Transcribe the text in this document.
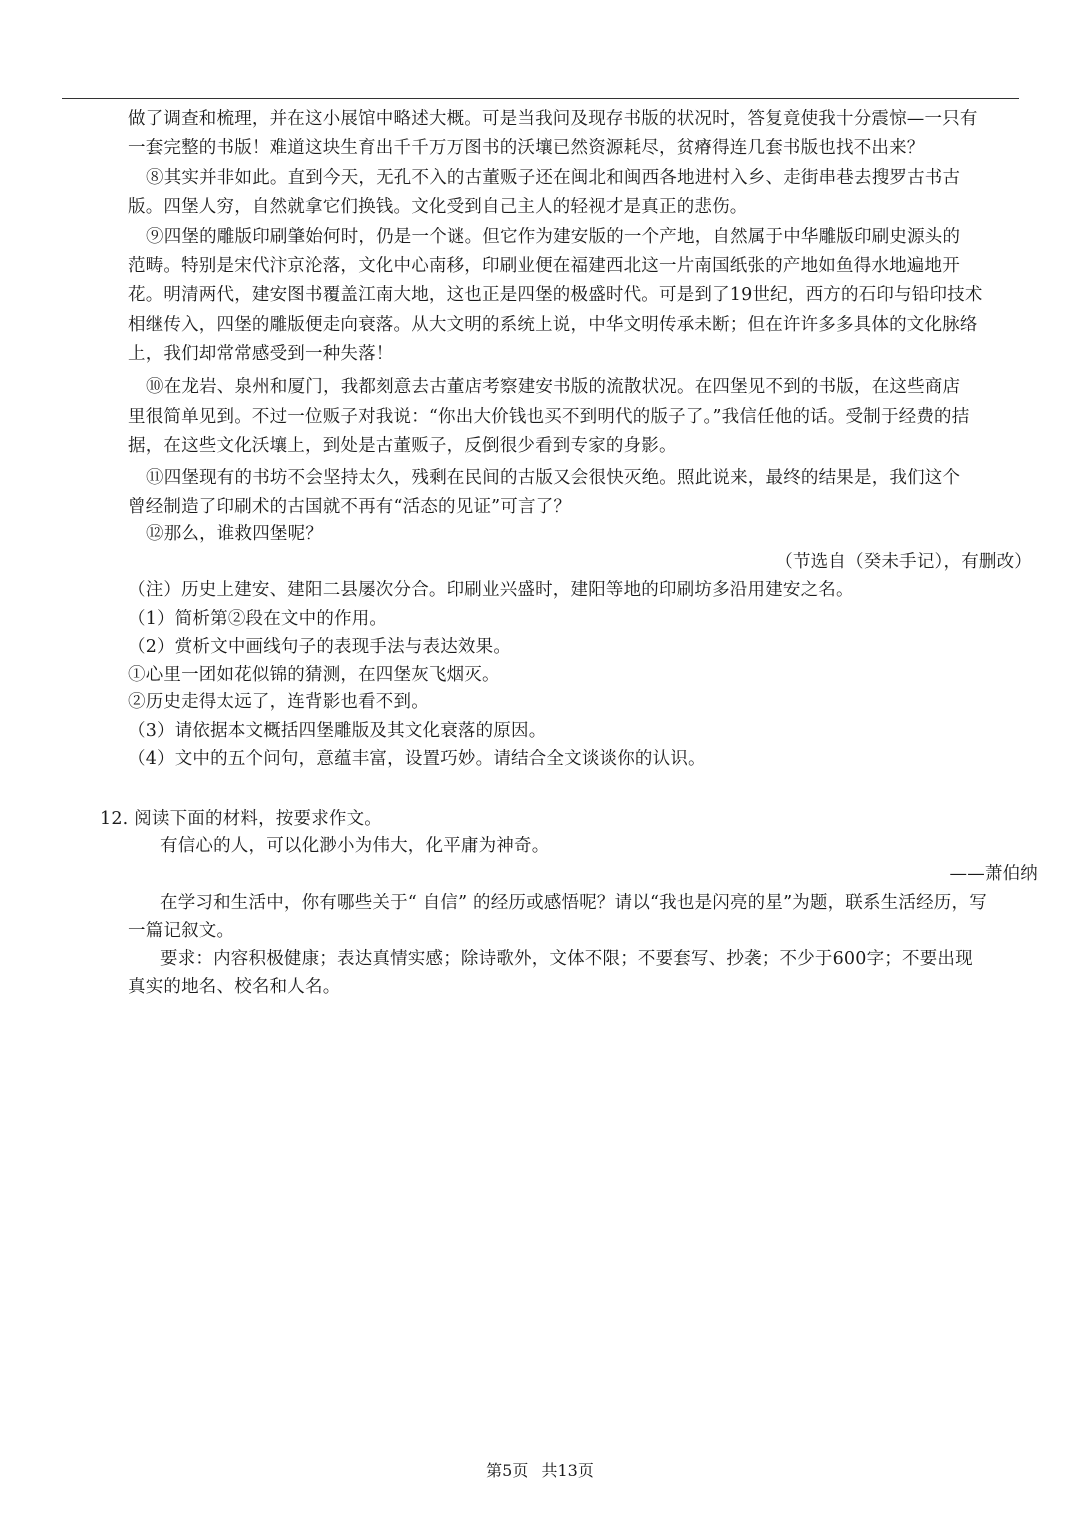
做了调查和梳理，并在这小展馆中略述大概。可是当我问及现存书版的状况时，答复竟使我十分震惊—一只有
一套完整的书版！难道这块生育出千千万万图书的沃壤已然资源耗尽，贫瘠得连几套书版也找不出来？
⑧其实并非如此。直到今天，无孔不入的古董贩子还在闽北和闽西各地进村入乡、走街串巷去搜罗古书古
版。四堡人穷，自然就拿它们换钱。文化受到自己主人的轻视才是真正的悲伤。
⑨四堡的雕版印刷肇始何时，仍是一个谜。但它作为建安版的一个产地，自然属于中华雕版印刷史源头的
范畴。特别是宋代汴京沦落，文化中心南移，印刷业便在福建西北这一片南国纸张的产地如鱼得水地遍地开
花。明清两代，建安图书覆盖江南大地，这也正是四堡的极盛时代。可是到了19世纪，西方的石印与铅印技术
相继传入，四堡的雕版便走向衰落。从大文明的系统上说，中华文明传承未断；但在许许多多具体的文化脉络
上，我们却常常感受到一种失落！
⑩在龙岩、泉州和厦门，我都刻意去古董店考察建安书版的流散状况。在四堡见不到的书版，在这些商店
里很简单见到。不过一位贩子对我说：“你出大价钱也买不到明代的版子了。”我信任他的话。受制于经费的拮
据，在这些文化沃壤上，到处是古董贩子，反倒很少看到专家的身影。
⑪四堡现有的书坊不会坚持太久，残剩在民间的古版又会很快灭绝。照此说来，最终的结果是，我们这个
曾经制造了印刷术的古国就不再有“活态的见证”可言了？
⑫那么，谁救四堡呢？
（节选自（癸未手记），有删改）
（注）历史上建安、建阳二县屡次分合。印刷业兴盛时，建阳等地的印刷坊多沿用建安之名。
（1）简析第②段在文中的作用。
（2）赏析文中画线句子的表现手法与表达效果。
①心里一团如花似锦的猜测，在四堡灰飞烟灭。
②历史走得太远了，连背影也看不到。
（3）请依据本文概括四堡雕版及其文化衰落的原因。
（4）文中的五个问句，意蕴丰富，设置巧妙。请结合全文谈谈你的认识。
12. 阅读下面的材料，按要求作文。
有信心的人，可以化渺小为伟大，化平庸为神奇。
——萧伯纳
在学习和生活中，你有哪些关于“ 自信” 的经历或感悟呢？请以“我也是闪亮的星”为题，联系生活经历，写
一篇记叙文。
要求：内容积极健康；表达真情实感；除诗歌外，文体不限；不要套写、抄袭；不少于600字；不要出现
真实的地名、校名和人名。
第5页 共13页
